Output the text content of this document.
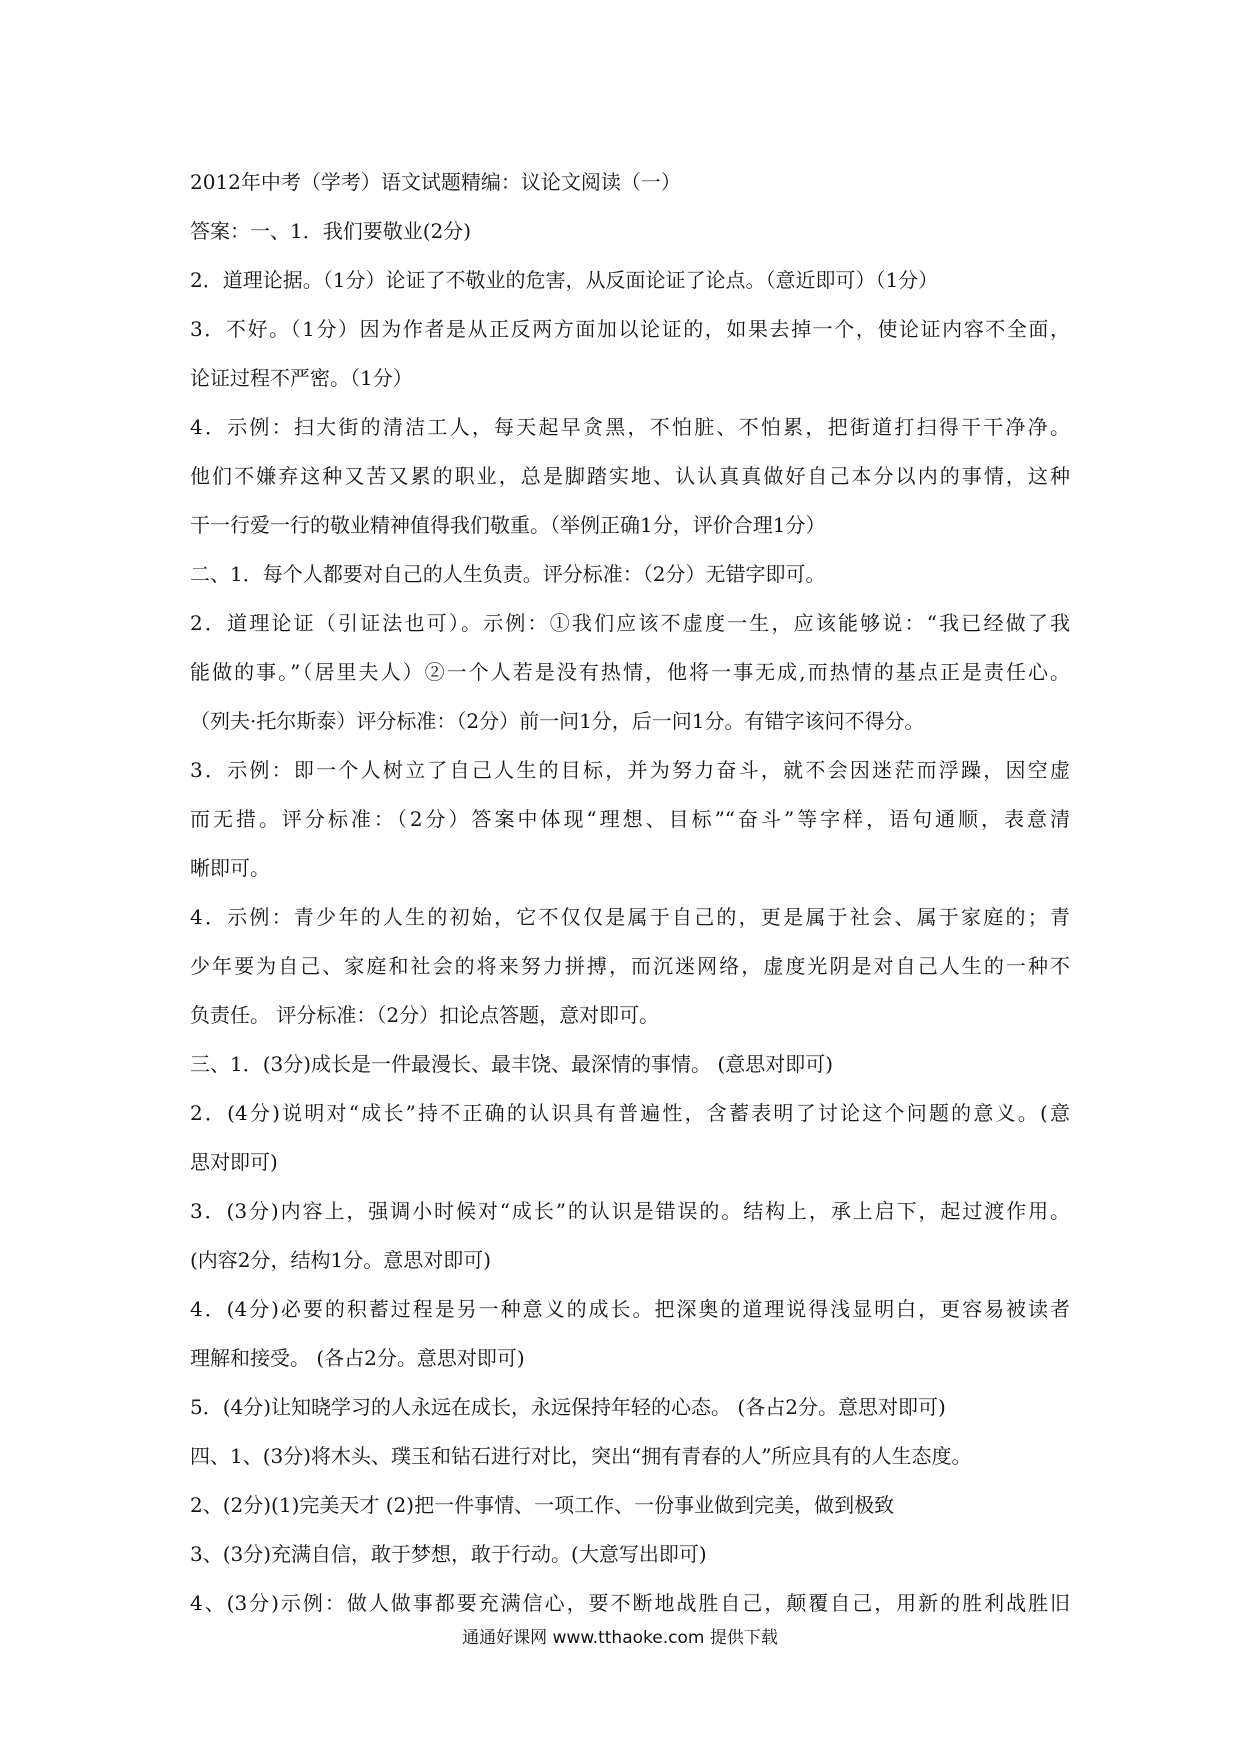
2012年中考（学考）语文试题精编：议论文阅读（一）
答案：一、1．我们要敬业(2分)
2．道理论据。（1分）论证了不敬业的危害，从反面论证了论点。（意近即可）（1分）
3．不好。（1分）因为作者是从正反两方面加以论证的，如果去掉一个，使论证内容不全面，
论证过程不严密。（1分）
4．示例：扫大街的清洁工人，每天起早贪黑，不怕脏、不怕累，把街道打扫得干干净净。
他们不嫌弃这种又苦又累的职业，总是脚踏实地、认认真真做好自己本分以内的事情，这种
干一行爱一行的敬业精神值得我们敬重。（举例正确1分，评价合理1分）
二、1．每个人都要对自己的人生负责。评分标准：（2分）无错字即可。
2．道理论证（引证法也可）。示例：①我们应该不虚度一生，应该能够说：“我已经做了我
能做的事。”（居里夫人）②一个人若是没有热情，他将一事无成,而热情的基点正是责任心。
（列夫·托尔斯泰）评分标准：（2分）前一问1分，后一问1分。有错字该问不得分。
3．示例：即一个人树立了自己人生的目标，并为努力奋斗，就不会因迷茫而浮躁，因空虚
而无措。评分标准：（2分）答案中体现“理想、目标”“奋斗”等字样，语句通顺，表意清
晰即可。
4．示例：青少年的人生的初始，它不仅仅是属于自己的，更是属于社会、属于家庭的；青
少年要为自己、家庭和社会的将来努力拼搏，而沉迷网络，虚度光阴是对自己人生的一种不
负责任。 评分标准：（2分）扣论点答题，意对即可。
三、1．(3分)成长是一件最漫长、最丰饶、最深情的事情。 (意思对即可)
2．(4分)说明对“成长”持不正确的认识具有普遍性，含蓄表明了讨论这个问题的意义。(意
思对即可)
3．(3分)内容上，强调小时候对“成长”的认识是错误的。结构上，承上启下，起过渡作用。
(内容2分，结构1分。意思对即可)
4．(4分)必要的积蓄过程是另一种意义的成长。把深奥的道理说得浅显明白，更容易被读者
理解和接受。 (各占2分。意思对即可)
5．(4分)让知晓学习的人永远在成长，永远保持年轻的心态。 (各占2分。意思对即可)
四、1、(3分)将木头、璞玉和钻石进行对比，突出“拥有青春的人”所应具有的人生态度。
2、(2分)(1)完美天才 (2)把一件事情、一项工作、一份事业做到完美，做到极致
3、(3分)充满自信，敢于梦想，敢于行动。(大意写出即可)
4、(3分)示例：做人做事都要充满信心，要不断地战胜自己，颠覆自己，用新的胜利战胜旧
通通好课网 www.tthaoke.com 提供下载
